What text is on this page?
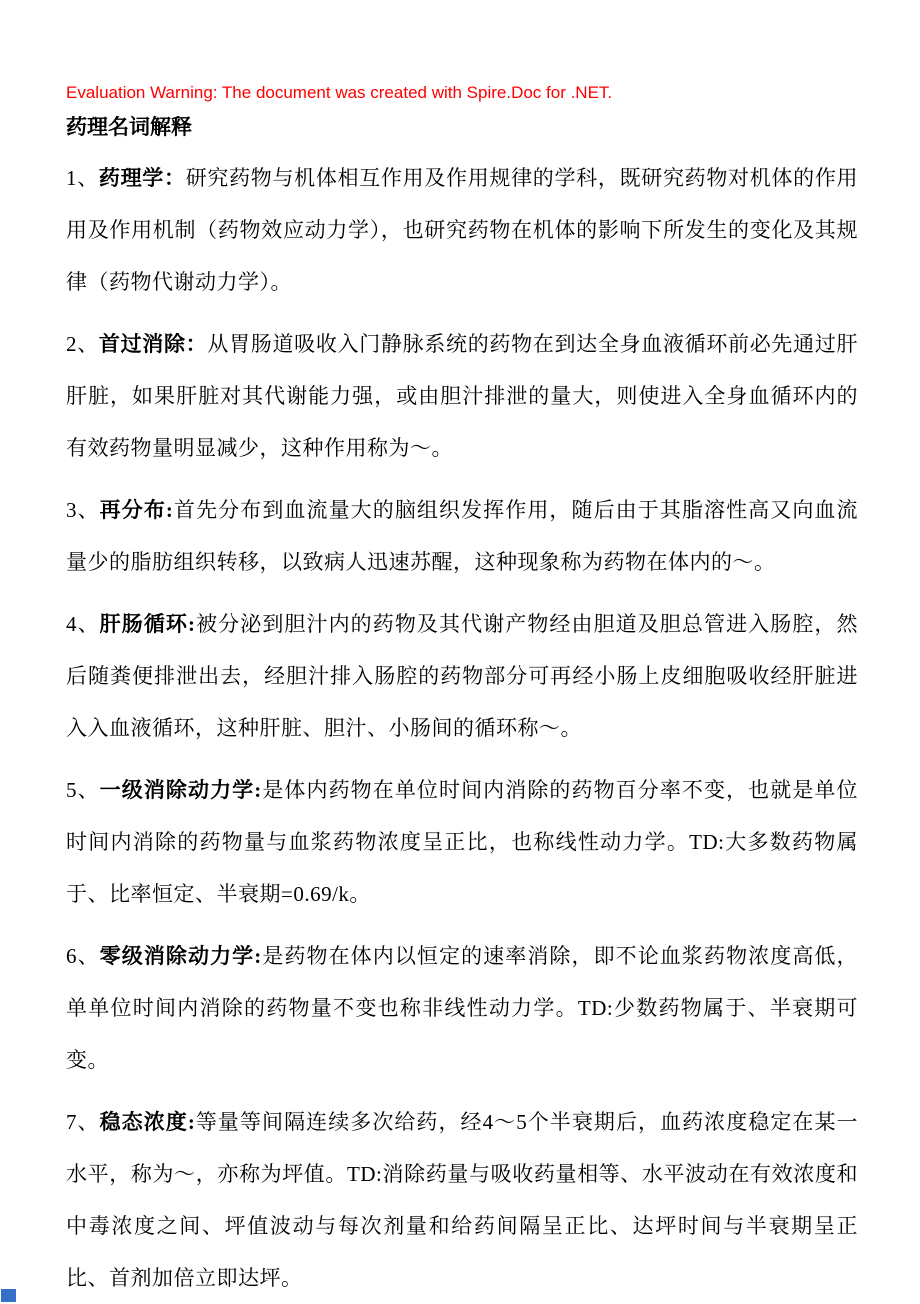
Evaluation Warning: The document was created with Spire.Doc for .NET.
药理名词解释

1、药理学：研究药物与机体相互作用及作用规律的学科，既研究药物对机体的作用用及作用机制（药物效应动力学），也研究药物在机体的影响下所发生的变化及其规律（药物代谢动力学）。

2、首过消除：从胃肠道吸收入门静脉系统的药物在到达全身血液循环前必先通过肝肝脏，如果肝脏对其代谢能力强，或由胆汁排泄的量大，则使进入全身血循环内的有效药物量明显减少，这种作用称为～。

3、再分布:首先分布到血流量大的脑组织发挥作用，随后由于其脂溶性高又向血流量少的脂肪组织转移，以致病人迅速苏醒，这种现象称为药物在体内的～。

4、肝肠循环:被分泌到胆汁内的药物及其代谢产物经由胆道及胆总管进入肠腔，然后随粪便排泄出去，经胆汁排入肠腔的药物部分可再经小肠上皮细胞吸收经肝脏进入入血液循环，这种肝脏、胆汁、小肠间的循环称～。

5、一级消除动力学:是体内药物在单位时间内消除的药物百分率不变，也就是单位时间内消除的药物量与血浆药物浓度呈正比，也称线性动力学。TD:大多数药物属于、比率恒定、半衰期=0.69/k。

6、零级消除动力学:是药物在体内以恒定的速率消除，即不论血浆药物浓度高低，单单位时间内消除的药物量不变也称非线性动力学。TD:少数药物属于、半衰期可变。

7、稳态浓度:等量等间隔连续多次给药，经4～5个半衰期后，血药浓度稳定在某一水平，称为～，亦称为坪值。TD:消除药量与吸收药量相等、水平波动在有效浓度和中毒浓度之间、坪值波动与每次剂量和给药间隔呈正比、达坪时间与半衰期呈正比、首剂加倍立即达坪。
